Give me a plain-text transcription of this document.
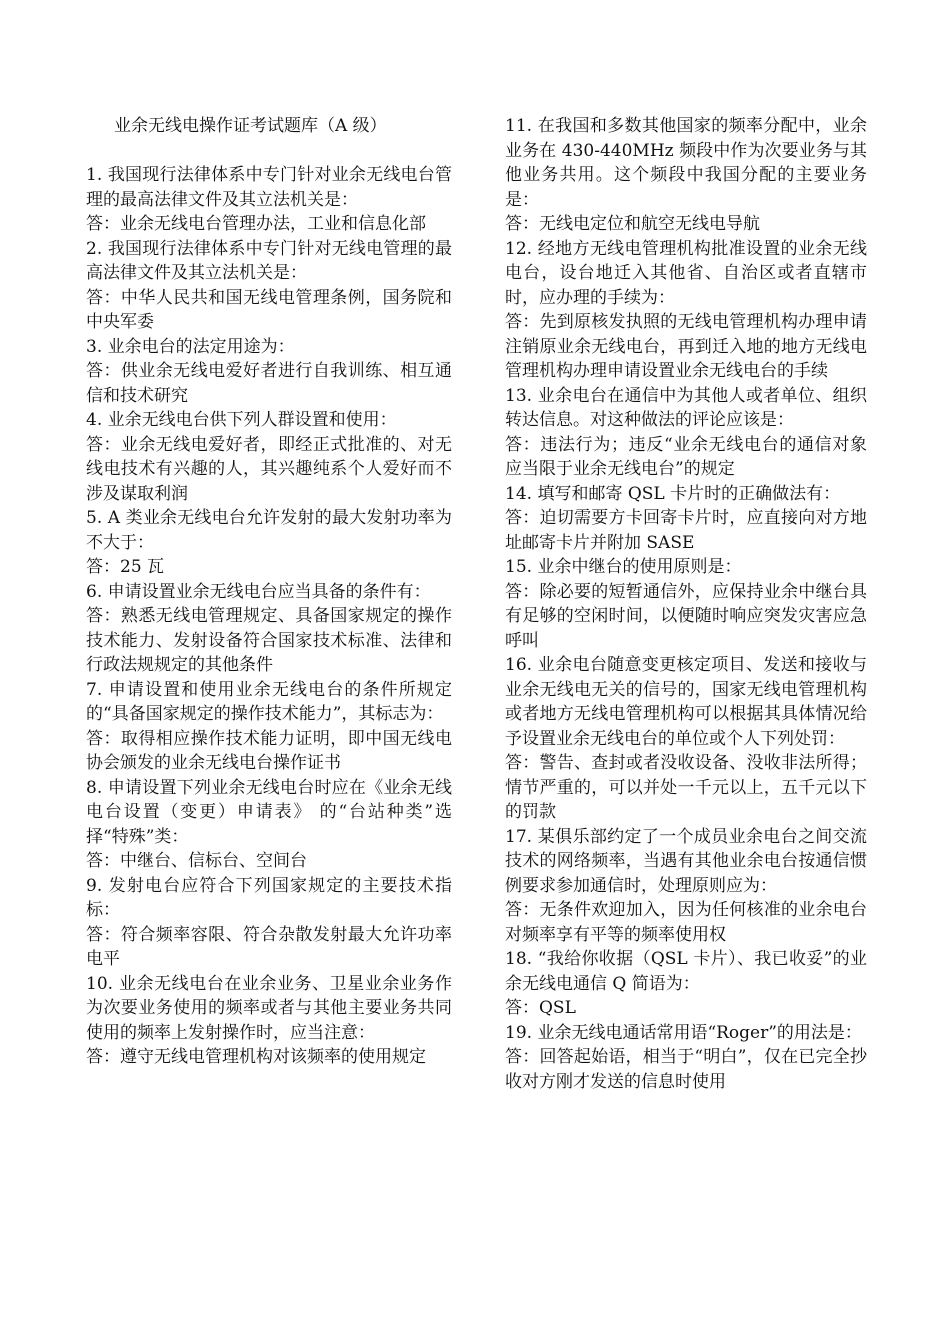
业余无线电操作证考试题库（A 级）

1. 我国现行法律体系中专门针对业余无线电台管理的最高法律文件及其立法机关是：

答：业余无线电台管理办法，工业和信息化部

2. 我国现行法律体系中专门针对无线电管理的最高法律文件及其立法机关是：

答：中华人民共和国无线电管理条例，国务院和中央军委

3. 业余电台的法定用途为：

答：供业余无线电爱好者进行自我训练、相互通信和技术研究

4. 业余无线电台供下列人群设置和使用：

答：业余无线电爱好者，即经正式批准的、对无线电技术有兴趣的人，其兴趣纯系个人爱好而不涉及谋取利润

5. A 类业余无线电台允许发射的最大发射功率为不大于：

答：25 瓦

6. 申请设置业余无线电台应当具备的条件有：

答：熟悉无线电管理规定、具备国家规定的操作技术能力、发射设备符合国家技术标准、法律和行政法规规定的其他条件

7. 申请设置和使用业余无线电台的条件所规定的“具备国家规定的操作技术能力”，其标志为：

答：取得相应操作技术能力证明，即中国无线电协会颁发的业余无线电台操作证书

8. 申请设置下列业余无线电台时应在《业余无线电台设置（变更）申请表》 的“台站种类”选择“特殊”类：

答：中继台、信标台、空间台

9. 发射电台应符合下列国家规定的主要技术指标：

答：符合频率容限、符合杂散发射最大允许功率电平

10. 业余无线电台在业余业务、卫星业余业务作为次要业务使用的频率或者与其他主要业务共同使用的频率上发射操作时，应当注意：

答：遵守无线电管理机构对该频率的使用规定

11. 在我国和多数其他国家的频率分配中，业余业务在 430-440MHz 频段中作为次要业务与其他业务共用。这个频段中我国分配的主要业务是：

答：无线电定位和航空无线电导航

12. 经地方无线电管理机构批准设置的业余无线电台，设台地迁入其他省、自治区或者直辖市时，应办理的手续为：

答：先到原核发执照的无线电管理机构办理申请注销原业余无线电台，再到迁入地的地方无线电管理机构办理申请设置业余无线电台的手续

13. 业余电台在通信中为其他人或者单位、组织转达信息。对这种做法的评论应该是：

答：违法行为；违反“业余无线电台的通信对象应当限于业余无线电台”的规定

14. 填写和邮寄 QSL 卡片时的正确做法有：

答：迫切需要方卡回寄卡片时，应直接向对方地址邮寄卡片并附加 SASE

15. 业余中继台的使用原则是：

答：除必要的短暂通信外，应保持业余中继台具有足够的空闲时间，以便随时响应突发灾害应急呼叫

16. 业余电台随意变更核定项目、发送和接收与业余无线电无关的信号的，国家无线电管理机构或者地方无线电管理机构可以根据其具体情况给予设置业余无线电台的单位或个人下列处罚：

答：警告、查封或者没收设备、没收非法所得；情节严重的，可以并处一千元以上，五千元以下的罚款

17. 某俱乐部约定了一个成员业余电台之间交流技术的网络频率，当遇有其他业余电台按通信惯例要求参加通信时，处理原则应为：

答：无条件欢迎加入，因为任何核准的业余电台对频率享有平等的频率使用权

18. “我给你收据（QSL 卡片）、我已收妥”的业余无线电通信 Q 简语为：

答：QSL

19. 业余无线电通话常用语“Roger”的用法是：

答：回答起始语，相当于“明白”，仅在已完全抄收对方刚才发送的信息时使用
